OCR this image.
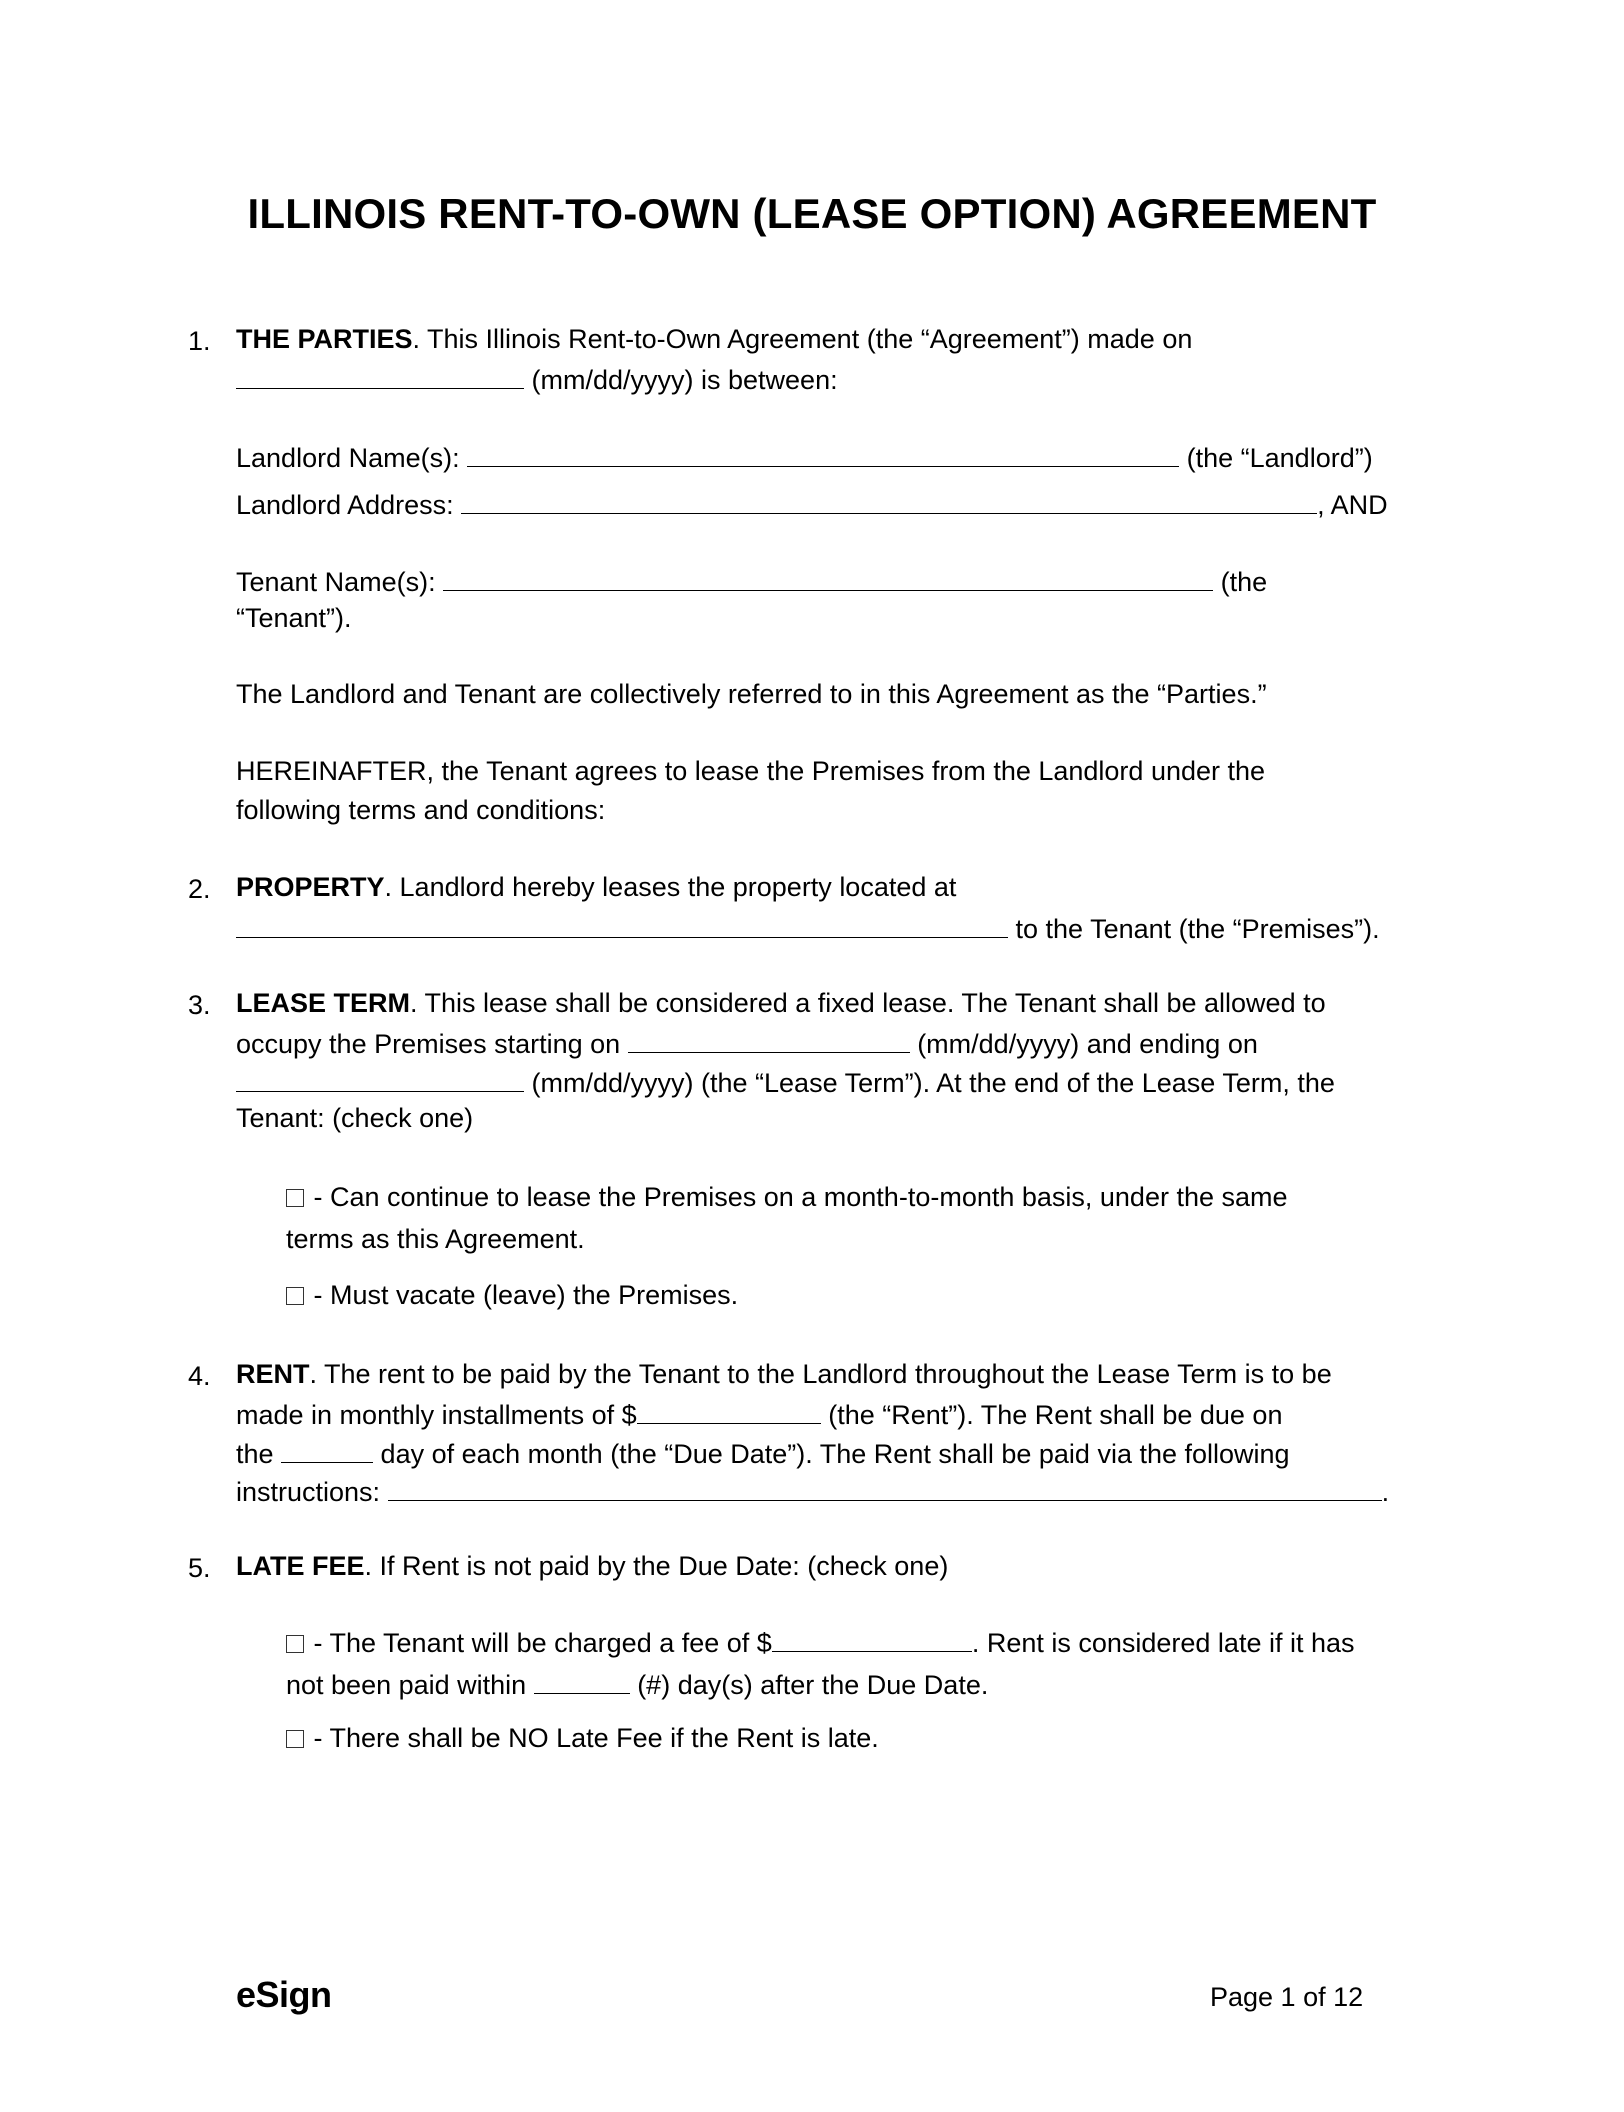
ILLINOIS RENT-TO-OWN (LEASE OPTION) AGREEMENT
1. THE PARTIES. This Illinois Rent-to-Own Agreement (the “Agreement”) made on
(mm/dd/yyyy) is between:
Landlord Name(s):	(the “Landlord”)
Landlord Address:	, AND
Tenant Name(s):	(the
“Tenant”).
The Landlord and Tenant are collectively referred to in this Agreement as the “Parties.”
HEREINAFTER, the Tenant agrees to lease the Premises from the Landlord under the
following terms and conditions:
2. PROPERTY. Landlord hereby leases the property located at
to the Tenant (the “Premises”).
3. LEASE TERM. This lease shall be considered a fixed lease. The Tenant shall be allowed to
occupy the Premises starting on	(mm/dd/yyyy) and ending on
(mm/dd/yyyy) (the “Lease Term”). At the end of the Lease Term, the
Tenant: (check one)
- Can continue to lease the Premises on a month-to-month basis, under the same
terms as this Agreement.
- Must vacate (leave) the Premises.
4. RENT. The rent to be paid by the Tenant to the Landlord throughout the Lease Term is to be
made in monthly installments of $	(the “Rent”). The Rent shall be due on
the	day of each month (the “Due Date”). The Rent shall be paid via the following
instructions:	.
5. LATE FEE. If Rent is not paid by the Due Date: (check one)
- The Tenant will be charged a fee of $	. Rent is considered late if it has
not been paid within	(#) day(s) after the Due Date.
- There shall be NO Late Fee if the Rent is late.
eSign	Page 1 of 12
